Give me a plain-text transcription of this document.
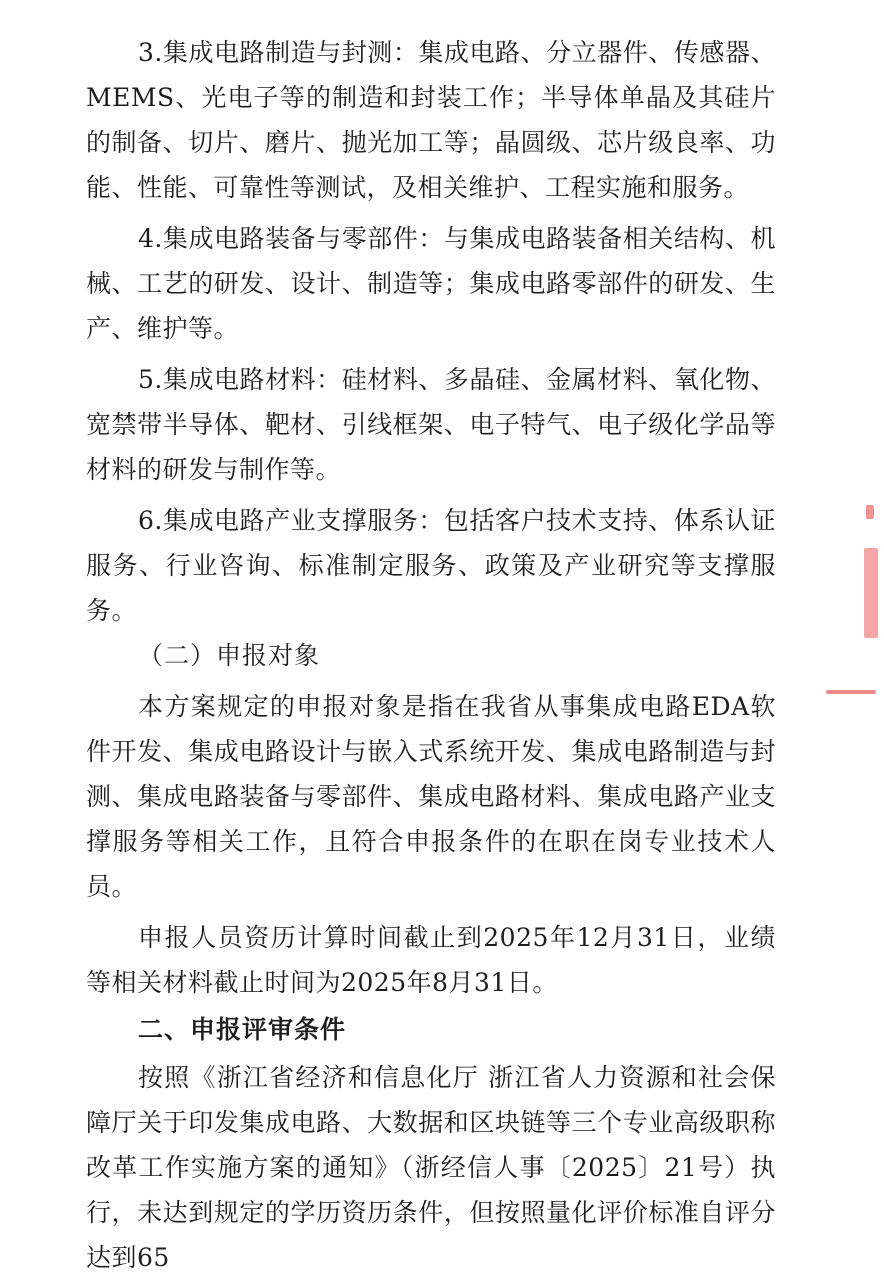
3.集成电路制造与封测：集成电路、分立器件、传感器、MEMS、光电子等的制造和封装工作；半导体单晶及其硅片的制备、切片、磨片、抛光加工等；晶圆级、芯片级良率、功能、性能、可靠性等测试，及相关维护、工程实施和服务。

4.集成电路装备与零部件：与集成电路装备相关结构、机械、工艺的研发、设计、制造等；集成电路零部件的研发、生产、维护等。

5.集成电路材料：硅材料、多晶硅、金属材料、氧化物、宽禁带半导体、靶材、引线框架、电子特气、电子级化学品等材料的研发与制作等。

6.集成电路产业支撑服务：包括客户技术支持、体系认证服务、行业咨询、标准制定服务、政策及产业研究等支撑服务。

（二）申报对象

本方案规定的申报对象是指在我省从事集成电路EDA软件开发、集成电路设计与嵌入式系统开发、集成电路制造与封测、集成电路装备与零部件、集成电路材料、集成电路产业支撑服务等相关工作，且符合申报条件的在职在岗专业技术人员。

申报人员资历计算时间截止到2025年12月31日，业绩等相关材料截止时间为2025年8月31日。

二、申报评审条件

按照《浙江省经济和信息化厅 浙江省人力资源和社会保障厅关于印发集成电路、大数据和区块链等三个专业高级职称改革工作实施方案的通知》（浙经信人事〔2025〕21号）执行，未达到规定的学历资历条件，但按照量化评价标准自评分达到65
